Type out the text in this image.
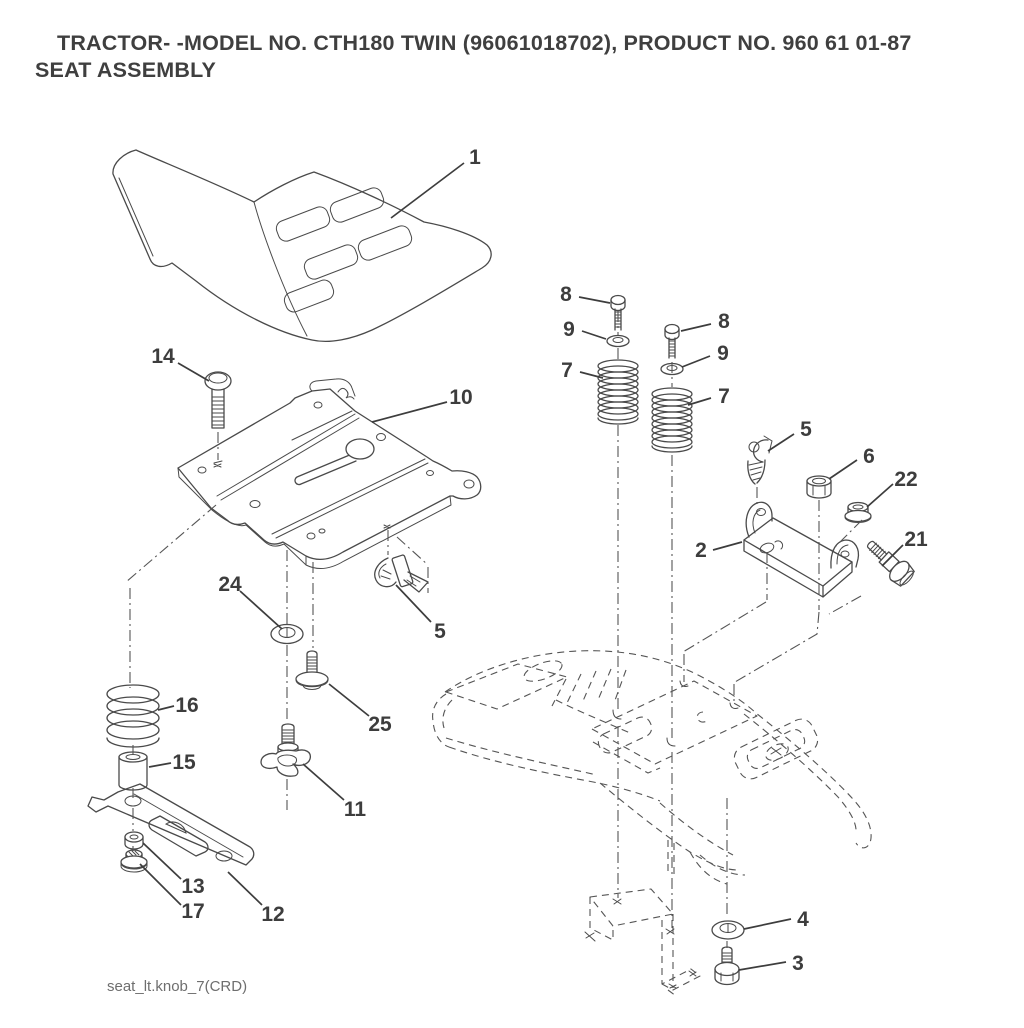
TRACTOR- -MODEL NO. CTH180 TWIN (96061018702), PRODUCT NO. 960 61 01-87
SEAT ASSEMBLY
1
14
10
8
9
7
8
9
7
5
6
22
2	21
24
16
15
25
5
11
13
17	12	4
3
seat_lt.knob_7(CRD)
